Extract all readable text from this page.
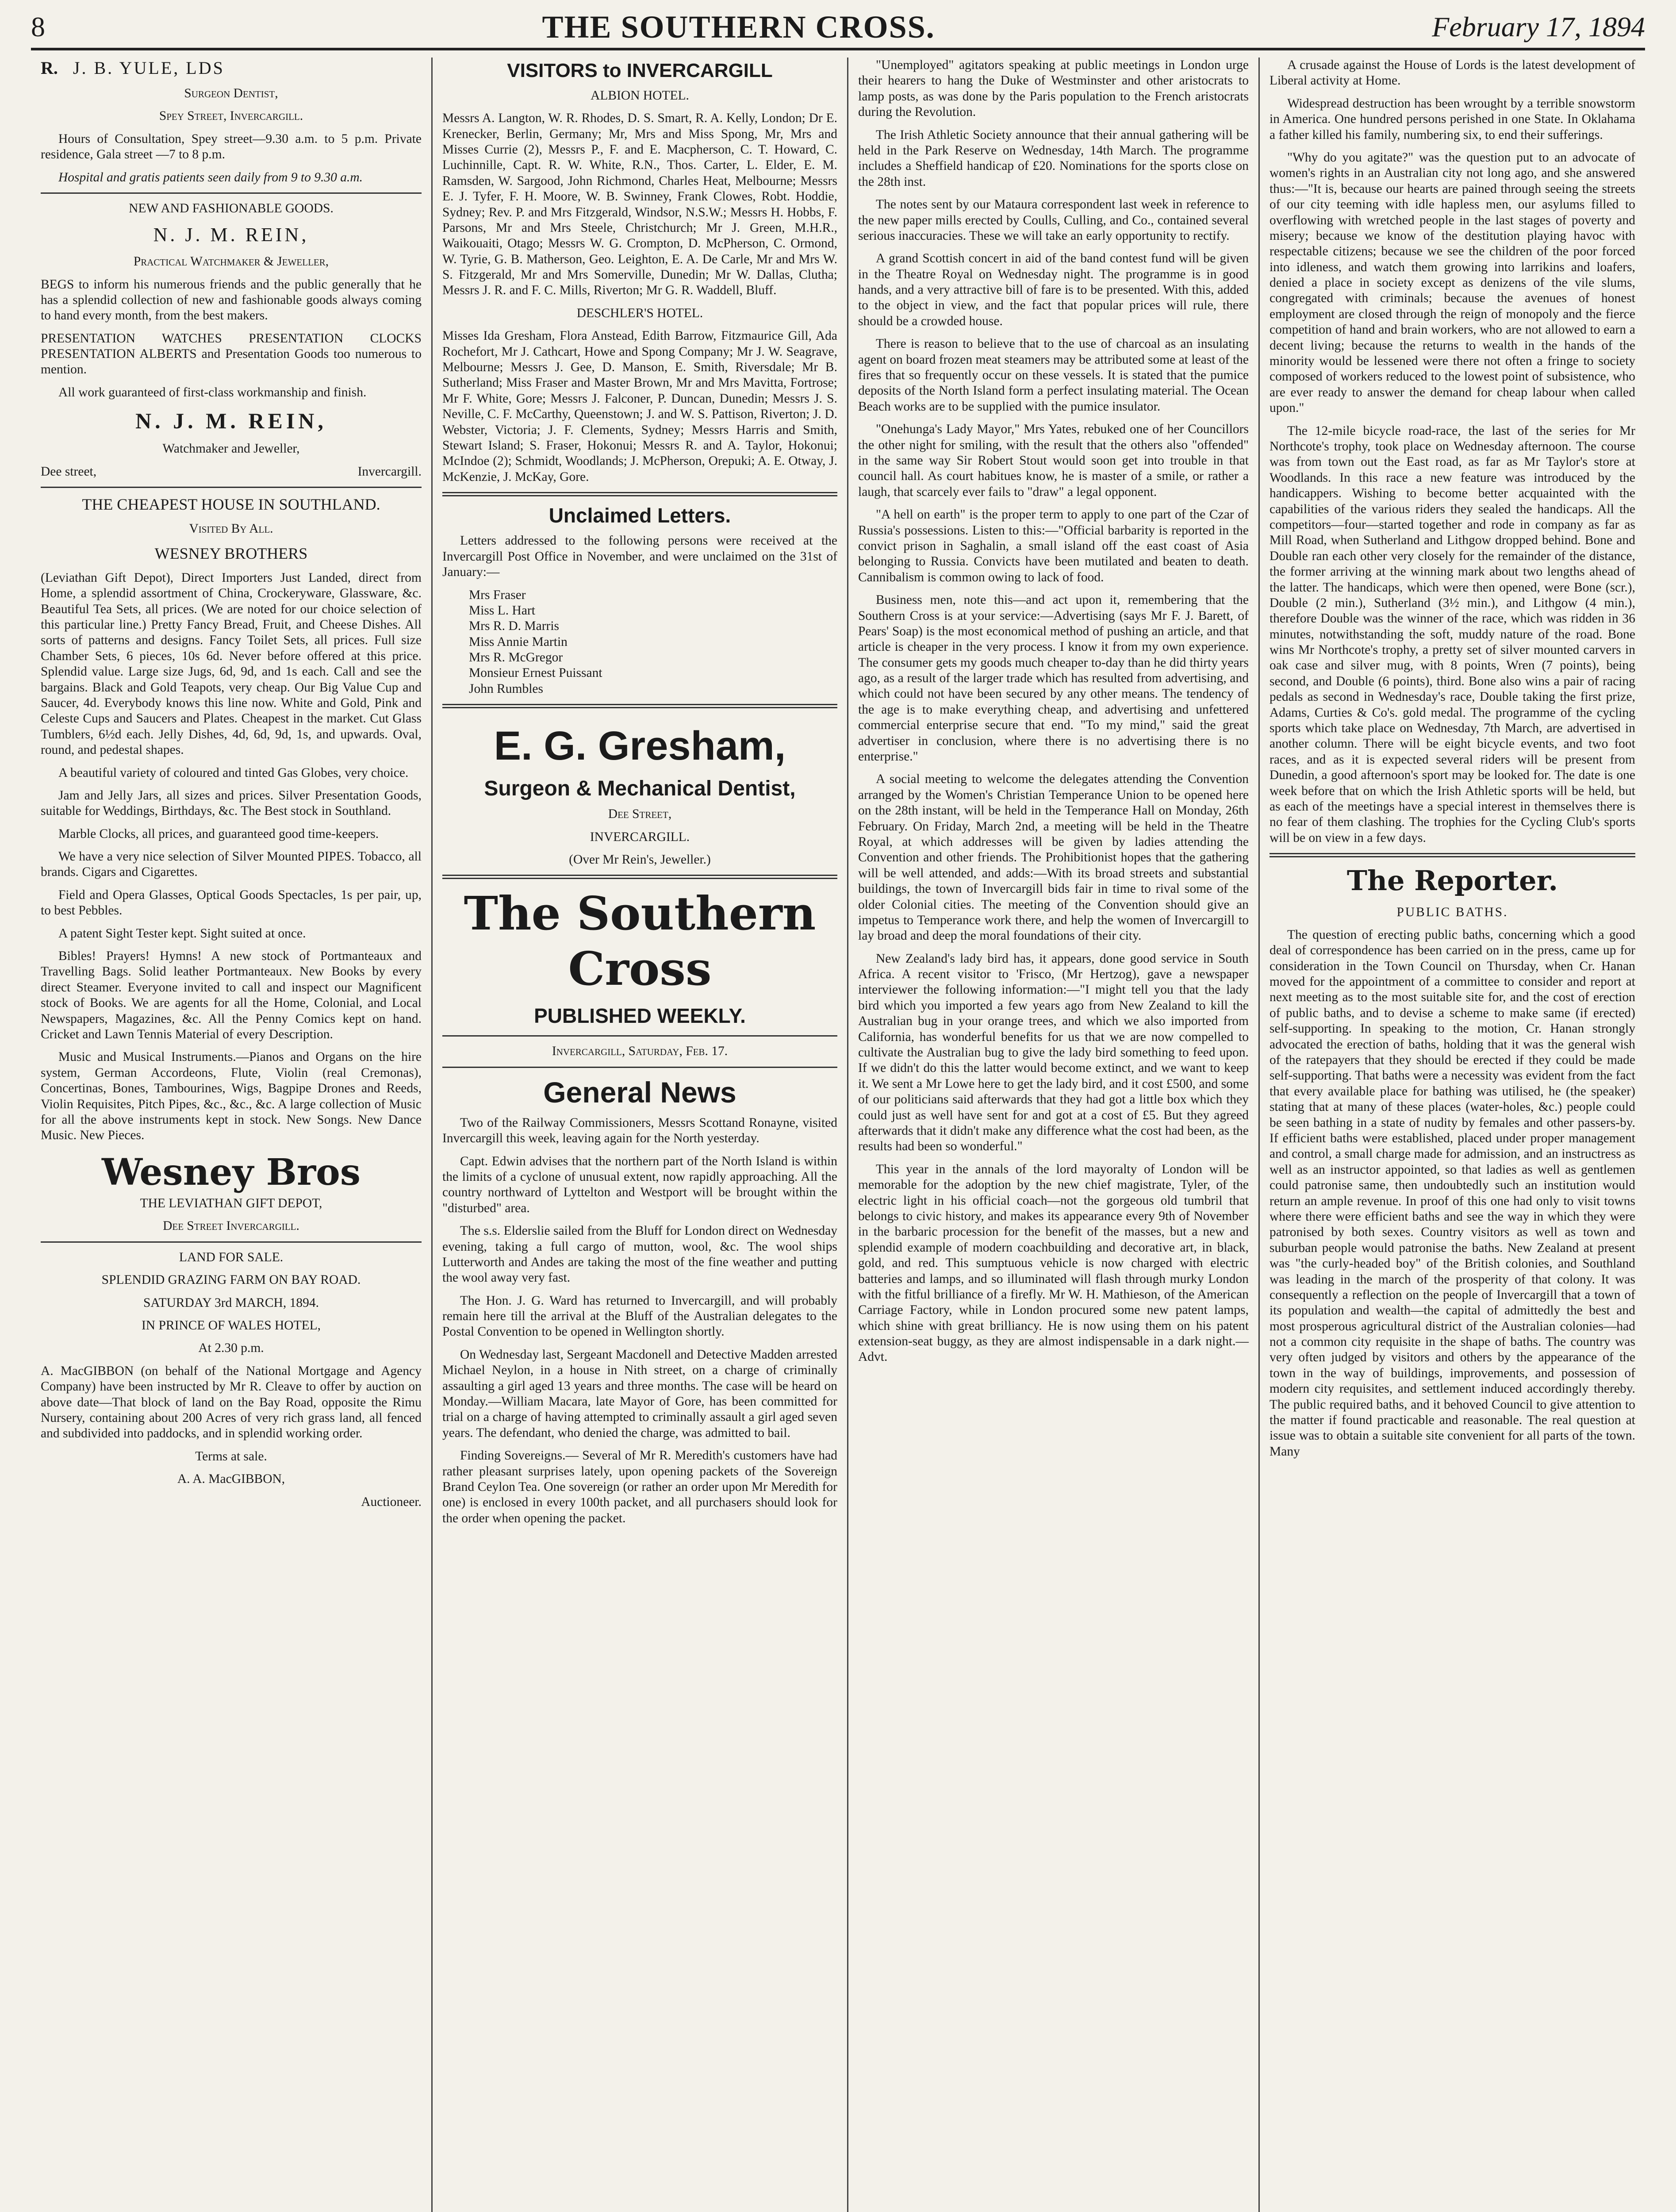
8	THE SOUTHERN CROSS.	February 17, 1894

R. J. B. YULE, LDS

Surgeon Dentist,

Spey Street, Invercargill.

Hours of Consultation, Spey street—9.30 a.m. to 5 p.m. Private residence, Gala street —7 to 8 p.m.

Hospital and gratis patients seen daily from 9 to 9.30 a.m.

NEW AND FASHIONABLE GOODS.

N. J. M. REIN,

Practical Watchmaker & Jeweller,

BEGS to inform his numerous friends and the public generally that he has a splendid collection of new and fashionable goods always coming to hand every month, from the best makers.

PRESENTATION WATCHES PRESENTATION CLOCKS PRESENTATION ALBERTS and Presentation Goods too numerous to mention.

All work guaranteed of first-class workmanship and finish.

N. J. M. REIN,

Watchmaker and Jeweller,

Dee street,	Invercargill.

THE CHEAPEST HOUSE IN SOUTHLAND.

Visited By All.

WESNEY BROTHERS

(Leviathan Gift Depot), Direct Importers Just Landed, direct from Home, a splendid assortment of China, Crockeryware, Glassware, &c. Beautiful Tea Sets, all prices. (We are noted for our choice selection of this particular line.) Pretty Fancy Bread, Fruit, and Cheese Dishes. All sorts of patterns and designs. Fancy Toilet Sets, all prices. Full size Chamber Sets, 6 pieces, 10s 6d. Never before offered at this price. Splendid value. Large size Jugs, 6d, 9d, and 1s each. Call and see the bargains. Black and Gold Teapots, very cheap. Our Big Value Cup and Saucer, 4d. Everybody knows this line now. White and Gold, Pink and Celeste Cups and Saucers and Plates. Cheapest in the market. Cut Glass Tumblers, 6½d each. Jelly Dishes, 4d, 6d, 9d, 1s, and upwards. Oval, round, and pedestal shapes.

A beautiful variety of coloured and tinted Gas Globes, very choice.

Jam and Jelly Jars, all sizes and prices. Silver Presentation Goods, suitable for Weddings, Birthdays, &c. The Best stock in Southland.

Marble Clocks, all prices, and guaranteed good time-keepers.

We have a very nice selection of Silver Mounted PIPES. Tobacco, all brands. Cigars and Cigarettes.

Field and Opera Glasses, Optical Goods Spectacles, 1s per pair, up, to best Pebbles.

A patent Sight Tester kept. Sight suited at once.

Bibles! Prayers! Hymns! A new stock of Portmanteaux and Travelling Bags. Solid leather Portmanteaux. New Books by every direct Steamer. Everyone invited to call and inspect our Magnificent stock of Books. We are agents for all the Home, Colonial, and Local Newspapers, Magazines, &c. All the Penny Comics kept on hand. Cricket and Lawn Tennis Material of every Description.

Music and Musical Instruments.—Pianos and Organs on the hire system, German Accordeons, Flute, Violin (real Cremonas), Concertinas, Bones, Tambourines, Wigs, Bagpipe Drones and Reeds, Violin Requisites, Pitch Pipes, &c., &c., &c. A large collection of Music for all the above instruments kept in stock. New Songs. New Dance Music. New Pieces.

Wesney Bros

THE LEVIATHAN GIFT DEPOT,

Dee Street Invercargill.

LAND FOR SALE.

SPLENDID GRAZING FARM ON BAY ROAD.

SATURDAY 3rd MARCH, 1894.

IN PRINCE OF WALES HOTEL,

At 2.30 p.m.

A. MacGIBBON (on behalf of the National Mortgage and Agency Company) have been instructed by Mr R. Cleave to offer by auction on above date—That block of land on the Bay Road, opposite the Rimu Nursery, containing about 200 Acres of very rich grass land, all fenced and subdivided into paddocks, and in splendid working order.

Terms at sale.

A. A. MacGIBBON,

Auctioneer.

VISITORS to INVERCARGILL

ALBION HOTEL.

Messrs A. Langton, W. R. Rhodes, D. S. Smart, R. A. Kelly, London; Dr E. Krenecker, Berlin, Germany; Mr, Mrs and Miss Spong, Mr, Mrs and Misses Currie (2), Messrs P., F. and E. Macpherson, C. T. Howard, C. Luchinnille, Capt. R. W. White, R.N., Thos. Carter, L. Elder, E. M. Ramsden, W. Sargood, John Richmond, Charles Heat, Melbourne; Messrs E. J. Tyfer, F. H. Moore, W. B. Swinney, Frank Clowes, Robt. Hoddie, Sydney; Rev. P. and Mrs Fitzgerald, Windsor, N.S.W.; Messrs H. Hobbs, F. Parsons, Mr and Mrs Steele, Christchurch; Mr J. Green, M.H.R., Waikouaiti, Otago; Messrs W. G. Crompton, D. McPherson, C. Ormond, W. Tyrie, G. B. Matherson, Geo. Leighton, E. A. De Carle, Mr and Mrs W. S. Fitzgerald, Mr and Mrs Somerville, Dunedin; Mr W. Dallas, Clutha; Messrs J. R. and F. C. Mills, Riverton; Mr G. R. Waddell, Bluff.

DESCHLER'S HOTEL.

Misses Ida Gresham, Flora Anstead, Edith Barrow, Fitzmaurice Gill, Ada Rochefort, Mr J. Cathcart, Howe and Spong Company; Mr J. W. Seagrave, Melbourne; Messrs J. Gee, D. Manson, E. Smith, Riversdale; Mr B. Sutherland; Miss Fraser and Master Brown, Mr and Mrs Mavitta, Fortrose; Mr F. White, Gore; Messrs J. Falconer, P. Duncan, Dunedin; Messrs J. S. Neville, C. F. McCarthy, Queenstown; J. and W. S. Pattison, Riverton; J. D. Webster, Victoria; J. F. Clements, Sydney; Messrs Harris and Smith, Stewart Island; S. Fraser, Hokonui; Messrs R. and A. Taylor, Hokonui; McIndoe (2); Schmidt, Woodlands; J. McPherson, Orepuki; A. E. Otway, J. McKenzie, J. McKay, Gore.

Unclaimed Letters.

Letters addressed to the following persons were received at the Invercargill Post Office in November, and were unclaimed on the 31st of January:—

Mrs Fraser

Miss L. Hart

Mrs R. D. Marris

Miss Annie Martin

Mrs R. McGregor

Monsieur Ernest Puissant

John Rumbles

E. G. Gresham,

Surgeon & Mechanical Dentist,

Dee Street,

INVERCARGILL.

(Over Mr Rein's, Jeweller.)

The Southern Cross

PUBLISHED WEEKLY.

Invercargill, Saturday, Feb. 17.

General News

Two of the Railway Commissioners, Messrs Scottand Ronayne, visited Invercargill this week, leaving again for the North yesterday.

Capt. Edwin advises that the northern part of the North Island is within the limits of a cyclone of unusual extent, now rapidly approaching. All the country northward of Lyttelton and Westport will be brought within the "disturbed" area.

The s.s. Elderslie sailed from the Bluff for London direct on Wednesday evening, taking a full cargo of mutton, wool, &c. The wool ships Lutterworth and Andes are taking the most of the fine weather and putting the wool away very fast.

The Hon. J. G. Ward has returned to Invercargill, and will probably remain here till the arrival at the Bluff of the Australian delegates to the Postal Convention to be opened in Wellington shortly.

On Wednesday last, Sergeant Macdonell and Detective Madden arrested Michael Neylon, in a house in Nith street, on a charge of criminally assaulting a girl aged 13 years and three months. The case will be heard on Monday.—William Macara, late Mayor of Gore, has been committed for trial on a charge of having attempted to criminally assault a girl aged seven years. The defendant, who denied the charge, was admitted to bail.

Finding Sovereigns.— Several of Mr R. Meredith's customers have had rather pleasant surprises lately, upon opening packets of the Sovereign Brand Ceylon Tea. One sovereign (or rather an order upon Mr Meredith for one) is enclosed in every 100th packet, and all purchasers should look for the order when opening the packet.

"Unemployed" agitators speaking at public meetings in London urge their hearers to hang the Duke of Westminster and other aristocrats to lamp posts, as was done by the Paris population to the French aristocrats during the Revolution.

The Irish Athletic Society announce that their annual gathering will be held in the Park Reserve on Wednesday, 14th March. The programme includes a Sheffield handicap of £20. Nominations for the sports close on the 28th inst.

The notes sent by our Mataura correspondent last week in reference to the new paper mills erected by Coulls, Culling, and Co., contained several serious inaccuracies. These we will take an early opportunity to rectify.

A grand Scottish concert in aid of the band contest fund will be given in the Theatre Royal on Wednesday night. The programme is in good hands, and a very attractive bill of fare is to be presented. With this, added to the object in view, and the fact that popular prices will rule, there should be a crowded house.

There is reason to believe that to the use of charcoal as an insulating agent on board frozen meat steamers may be attributed some at least of the fires that so frequently occur on these vessels. It is stated that the pumice deposits of the North Island form a perfect insulating material. The Ocean Beach works are to be supplied with the pumice insulator.

"Onehunga's Lady Mayor," Mrs Yates, rebuked one of her Councillors the other night for smiling, with the result that the others also "offended" in the same way Sir Robert Stout would soon get into trouble in that council hall. As court habitues know, he is master of a smile, or rather a laugh, that scarcely ever fails to "draw" a legal opponent.

"A hell on earth" is the proper term to apply to one part of the Czar of Russia's possessions. Listen to this:—"Official barbarity is reported in the convict prison in Saghalin, a small island off the east coast of Asia belonging to Russia. Convicts have been mutilated and beaten to death. Cannibalism is common owing to lack of food.

Business men, note this—and act upon it, remembering that the Southern Cross is at your service:—Advertising (says Mr F. J. Barett, of Pears' Soap) is the most economical method of pushing an article, and that article is cheaper in the very process. I know it from my own experience. The consumer gets my goods much cheaper to-day than he did thirty years ago, as a result of the larger trade which has resulted from advertising, and which could not have been secured by any other means. The tendency of the age is to make everything cheap, and advertising and unfettered commercial enterprise secure that end. "To my mind," said the great advertiser in conclusion, where there is no advertising there is no enterprise."

A social meeting to welcome the delegates attending the Convention arranged by the Women's Christian Temperance Union to be opened here on the 28th instant, will be held in the Temperance Hall on Monday, 26th February. On Friday, March 2nd, a meeting will be held in the Theatre Royal, at which addresses will be given by ladies attending the Convention and other friends. The Prohibitionist hopes that the gathering will be well attended, and adds:—With its broad streets and substantial buildings, the town of Invercargill bids fair in time to rival some of the older Colonial cities. The meeting of the Convention should give an impetus to Temperance work there, and help the women of Invercargill to lay broad and deep the moral foundations of their city.

New Zealand's lady bird has, it appears, done good service in South Africa. A recent visitor to 'Frisco, (Mr Hertzog), gave a newspaper interviewer the following information:—"I might tell you that the lady bird which you imported a few years ago from New Zealand to kill the Australian bug in your orange trees, and which we also imported from California, has wonderful benefits for us that we are now compelled to cultivate the Australian bug to give the lady bird something to feed upon. If we didn't do this the latter would become extinct, and we want to keep it. We sent a Mr Lowe here to get the lady bird, and it cost £500, and some of our politicians said afterwards that they had got a little box which they could just as well have sent for and got at a cost of £5. But they agreed afterwards that it didn't make any difference what the cost had been, as the results had been so wonderful."

This year in the annals of the lord mayoralty of London will be memorable for the adoption by the new chief magistrate, Tyler, of the electric light in his official coach—not the gorgeous old tumbril that belongs to civic history, and makes its appearance every 9th of November in the barbaric procession for the benefit of the masses, but a new and splendid example of modern coachbuilding and decorative art, in black, gold, and red. This sumptuous vehicle is now charged with electric batteries and lamps, and so illuminated will flash through murky London with the fitful brilliance of a firefly. Mr W. H. Mathieson, of the American Carriage Factory, while in London procured some new patent lamps, which shine with great brilliancy. He is now using them on his patent extension-seat buggy, as they are almost indispensable in a dark night.—Advt.

A crusade against the House of Lords is the latest development of Liberal activity at Home.

Widespread destruction has been wrought by a terrible snowstorm in America. One hundred persons perished in one State. In Oklahama a father killed his family, numbering six, to end their sufferings.

"Why do you agitate?" was the question put to an advocate of women's rights in an Australian city not long ago, and she answered thus:—"It is, because our hearts are pained through seeing the streets of our city teeming with idle hapless men, our asylums filled to overflowing with wretched people in the last stages of poverty and misery; because we know of the destitution playing havoc with respectable citizens; because we see the children of the poor forced into idleness, and watch them growing into larrikins and loafers, denied a place in society except as denizens of the vile slums, congregated with criminals; because the avenues of honest employment are closed through the reign of monopoly and the fierce competition of hand and brain workers, who are not allowed to earn a decent living; because the returns to wealth in the hands of the minority would be lessened were there not often a fringe to society composed of workers reduced to the lowest point of subsistence, who are ever ready to answer the demand for cheap labour when called upon."

The 12-mile bicycle road-race, the last of the series for Mr Northcote's trophy, took place on Wednesday afternoon. The course was from town out the East road, as far as Mr Taylor's store at Woodlands. In this race a new feature was introduced by the handicappers. Wishing to become better acquainted with the capabilities of the various riders they sealed the handicaps. All the competitors—four—started together and rode in company as far as Mill Road, when Sutherland and Lithgow dropped behind. Bone and Double ran each other very closely for the remainder of the distance, the former arriving at the winning mark about two lengths ahead of the latter. The handicaps, which were then opened, were Bone (scr.), Double (2 min.), Sutherland (3½ min.), and Lithgow (4 min.), therefore Double was the winner of the race, which was ridden in 36 minutes, notwithstanding the soft, muddy nature of the road. Bone wins Mr Northcote's trophy, a pretty set of silver mounted carvers in oak case and silver mug, with 8 points, Wren (7 points), being second, and Double (6 points), third. Bone also wins a pair of racing pedals as second in Wednesday's race, Double taking the first prize, Adams, Curties & Co's. gold medal. The programme of the cycling sports which take place on Wednesday, 7th March, are advertised in another column. There will be eight bicycle events, and two foot races, and as it is expected several riders will be present from Dunedin, a good afternoon's sport may be looked for. The date is one week before that on which the Irish Athletic sports will be held, but as each of the meetings have a special interest in themselves there is no fear of them clashing. The trophies for the Cycling Club's sports will be on view in a few days.

The Reporter.

PUBLIC BATHS.

The question of erecting public baths, concerning which a good deal of correspondence has been carried on in the press, came up for consideration in the Town Council on Thursday, when Cr. Hanan moved for the appointment of a committee to consider and report at next meeting as to the most suitable site for, and the cost of erection of public baths, and to devise a scheme to make same (if erected) self-supporting. In speaking to the motion, Cr. Hanan strongly advocated the erection of baths, holding that it was the general wish of the ratepayers that they should be erected if they could be made self-supporting. That baths were a necessity was evident from the fact that every available place for bathing was utilised, he (the speaker) stating that at many of these places (water-holes, &c.) people could be seen bathing in a state of nudity by females and other passers-by. If efficient baths were established, placed under proper management and control, a small charge made for admission, and an instructress as well as an instructor appointed, so that ladies as well as gentlemen could patronise same, then undoubtedly such an institution would return an ample revenue. In proof of this one had only to visit towns where there were efficient baths and see the way in which they were patronised by both sexes. Country visitors as well as town and suburban people would patronise the baths. New Zealand at present was "the curly-headed boy" of the British colonies, and Southland was leading in the march of the prosperity of that colony. It was consequently a reflection on the people of Invercargill that a town of its population and wealth—the capital of admittedly the best and most prosperous agricultural district of the Australian colonies—had not a common city requisite in the shape of baths. The country was very often judged by visitors and others by the appearance of the town in the way of buildings, improvements, and possession of modern city requisites, and settlement induced accordingly thereby. The public required baths, and it behoved Council to give attention to the matter if found practicable and reasonable. The real question at issue was to obtain a suitable site convenient for all parts of the town. Many
